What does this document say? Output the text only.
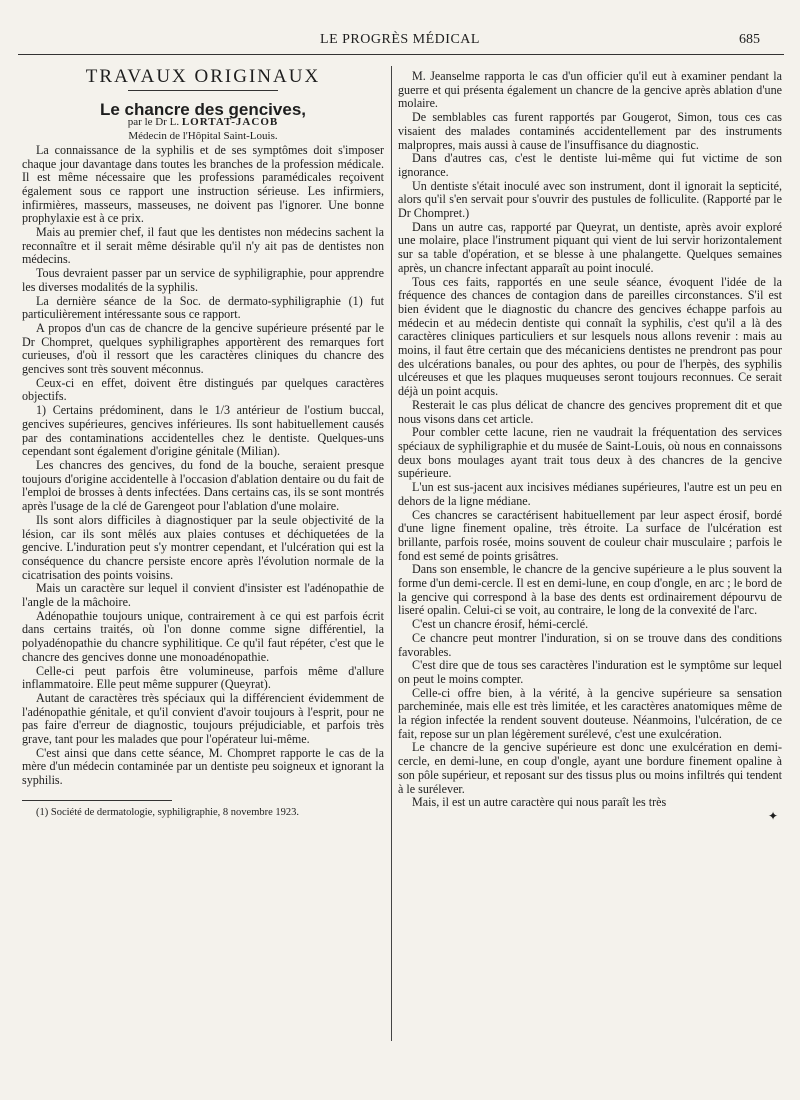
LE PROGRÈS MÉDICAL	685

TRAVAUX ORIGINAUX

Le chancre des gencives,

par le Dr L. LORTAT-JACOB

Médecin de l'Hôpital Saint-Louis.

La connaissance de la syphilis et de ses symptômes doit s'imposer chaque jour davantage dans toutes les branches de la profession médicale. Il est même nécessaire que les professions paramédicales reçoivent également sous ce rapport une instruction sérieuse. Les infirmiers, infirmières, masseurs, masseuses, ne doivent pas l'ignorer. Une bonne prophylaxie est à ce prix.

Mais au premier chef, il faut que les dentistes non médecins sachent la reconnaître et il serait même désirable qu'il n'y ait pas de dentistes non médecins.

Tous devraient passer par un service de syphiligraphie, pour apprendre les diverses modalités de la syphilis.

La dernière séance de la Soc. de dermato-syphiligraphie (1) fut particulièrement intéressante sous ce rapport.

A propos d'un cas de chancre de la gencive supérieure présenté par le Dr Chompret, quelques syphiligraphes apportèrent des remarques fort curieuses, d'où il ressort que les caractères cliniques du chancre des gencives sont très souvent méconnus.

Ceux-ci en effet, doivent être distingués par quelques caractères objectifs.

1) Certains prédominent, dans le 1/3 antérieur de l'ostium buccal, gencives supérieures, gencives inférieures. Ils sont habituellement causés par des contaminations accidentelles chez le dentiste. Quelques-uns cependant sont également d'origine génitale (Milian).

Les chancres des gencives, du fond de la bouche, seraient presque toujours d'origine accidentelle à l'occasion d'ablation dentaire ou du fait de l'emploi de brosses à dents infectées. Dans certains cas, ils se sont montrés après l'usage de la clé de Garengeot pour l'ablation d'une molaire.

Ils sont alors difficiles à diagnostiquer par la seule objectivité de la lésion, car ils sont mêlés aux plaies contuses et déchiquetées de la gencive. L'induration peut s'y montrer cependant, et l'ulcération qui est la conséquence du chancre persiste encore après l'évolution normale de la cicatrisation des points voisins.

Mais un caractère sur lequel il convient d'insister est l'adénopathie de l'angle de la mâchoire.

Adénopathie toujours unique, contrairement à ce qui est parfois écrit dans certains traités, où l'on donne comme signe différentiel, la polyadénopathie du chancre syphilitique. Ce qu'il faut répéter, c'est que le chancre des gencives donne une monoadénopathie.

Celle-ci peut parfois être volumineuse, parfois même d'allure inflammatoire. Elle peut même suppurer (Queyrat).

Autant de caractères très spéciaux qui la différencient évidemment de l'adénopathie génitale, et qu'il convient d'avoir toujours à l'esprit, pour ne pas faire d'erreur de diagnostic, toujours préjudiciable, et parfois très grave, tant pour les malades que pour l'opérateur lui-même.

C'est ainsi que dans cette séance, M. Chompret rapporte le cas de la mère d'un médecin contaminée par un dentiste peu soigneux et ignorant la syphilis.

(1) Société de dermatologie, syphiligraphie, 8 novembre 1923.

M. Jeanselme rapporta le cas d'un officier qu'il eut à examiner pendant la guerre et qui présenta également un chancre de la gencive après ablation d'une molaire.

De semblables cas furent rapportés par Gougerot, Simon, tous ces cas visaient des malades contaminés accidentellement par des instruments malpropres, mais aussi à cause de l'insuffisance du diagnostic.

Dans d'autres cas, c'est le dentiste lui-même qui fut victime de son ignorance.

Un dentiste s'était inoculé avec son instrument, dont il ignorait la septicité, alors qu'il s'en servait pour s'ouvrir des pustules de folliculite. (Rapporté par le Dr Chompret.)

Dans un autre cas, rapporté par Queyrat, un dentiste, après avoir exploré une molaire, place l'instrument piquant qui vient de lui servir horizontalement sur sa table d'opération, et se blesse à une phalangette. Quelques semaines après, un chancre infectant apparaît au point inoculé.

Tous ces faits, rapportés en une seule séance, évoquent l'idée de la fréquence des chances de contagion dans de pareilles circonstances. S'il est bien évident que le diagnostic du chancre des gencives échappe parfois au médecin et au médecin dentiste qui connaît la syphilis, c'est qu'il a là des caractères cliniques particuliers et sur lesquels nous allons revenir : mais au moins, il faut être certain que des mécaniciens dentistes ne prendront pas pour des ulcérations banales, ou pour des aphtes, ou pour de l'herpès, des syphilis ulcéreuses et que les plaques muqueuses seront toujours reconnues. Ce serait déjà un point acquis.

Resterait le cas plus délicat de chancre des gencives proprement dit et que nous visons dans cet article.

Pour combler cette lacune, rien ne vaudrait la fréquentation des services spéciaux de syphiligraphie et du musée de Saint-Louis, où nous en connaissons deux bons moulages ayant trait tous deux à des chancres de la gencive supérieure.

L'un est sus-jacent aux incisives médianes supérieures, l'autre est un peu en dehors de la ligne médiane.

Ces chancres se caractérisent habituellement par leur aspect érosif, bordé d'une ligne finement opaline, très étroite. La surface de l'ulcération est brillante, parfois rosée, moins souvent de couleur chair musculaire ; parfois le fond est semé de points grisâtres.

Dans son ensemble, le chancre de la gencive supérieure a le plus souvent la forme d'un demi-cercle. Il est en demi-lune, en coup d'ongle, en arc ; le bord de la gencive qui correspond à la base des dents est ordinairement dépourvu de liseré opalin. Celui-ci se voit, au contraire, le long de la convexité de l'arc.

C'est un chancre érosif, hémi-cerclé.

Ce chancre peut montrer l'induration, si on se trouve dans des conditions favorables.

C'est dire que de tous ses caractères l'induration est le symptôme sur lequel on peut le moins compter.

Celle-ci offre bien, à la vérité, à la gencive supérieure sa sensation parcheminée, mais elle est très limitée, et les caractères anatomiques même de la région infectée la rendent souvent douteuse. Néanmoins, l'ulcération, de ce fait, repose sur un plan légèrement surélevé, c'est une exulcération.

Le chancre de la gencive supérieure est donc une exulcération en demi-cercle, en demi-lune, en coup d'ongle, ayant une bordure finement opaline à son pôle supérieur, et reposant sur des tissus plus ou moins infiltrés qui tendent à le surélever.

Mais, il est un autre caractère qui nous paraît les très

✦
